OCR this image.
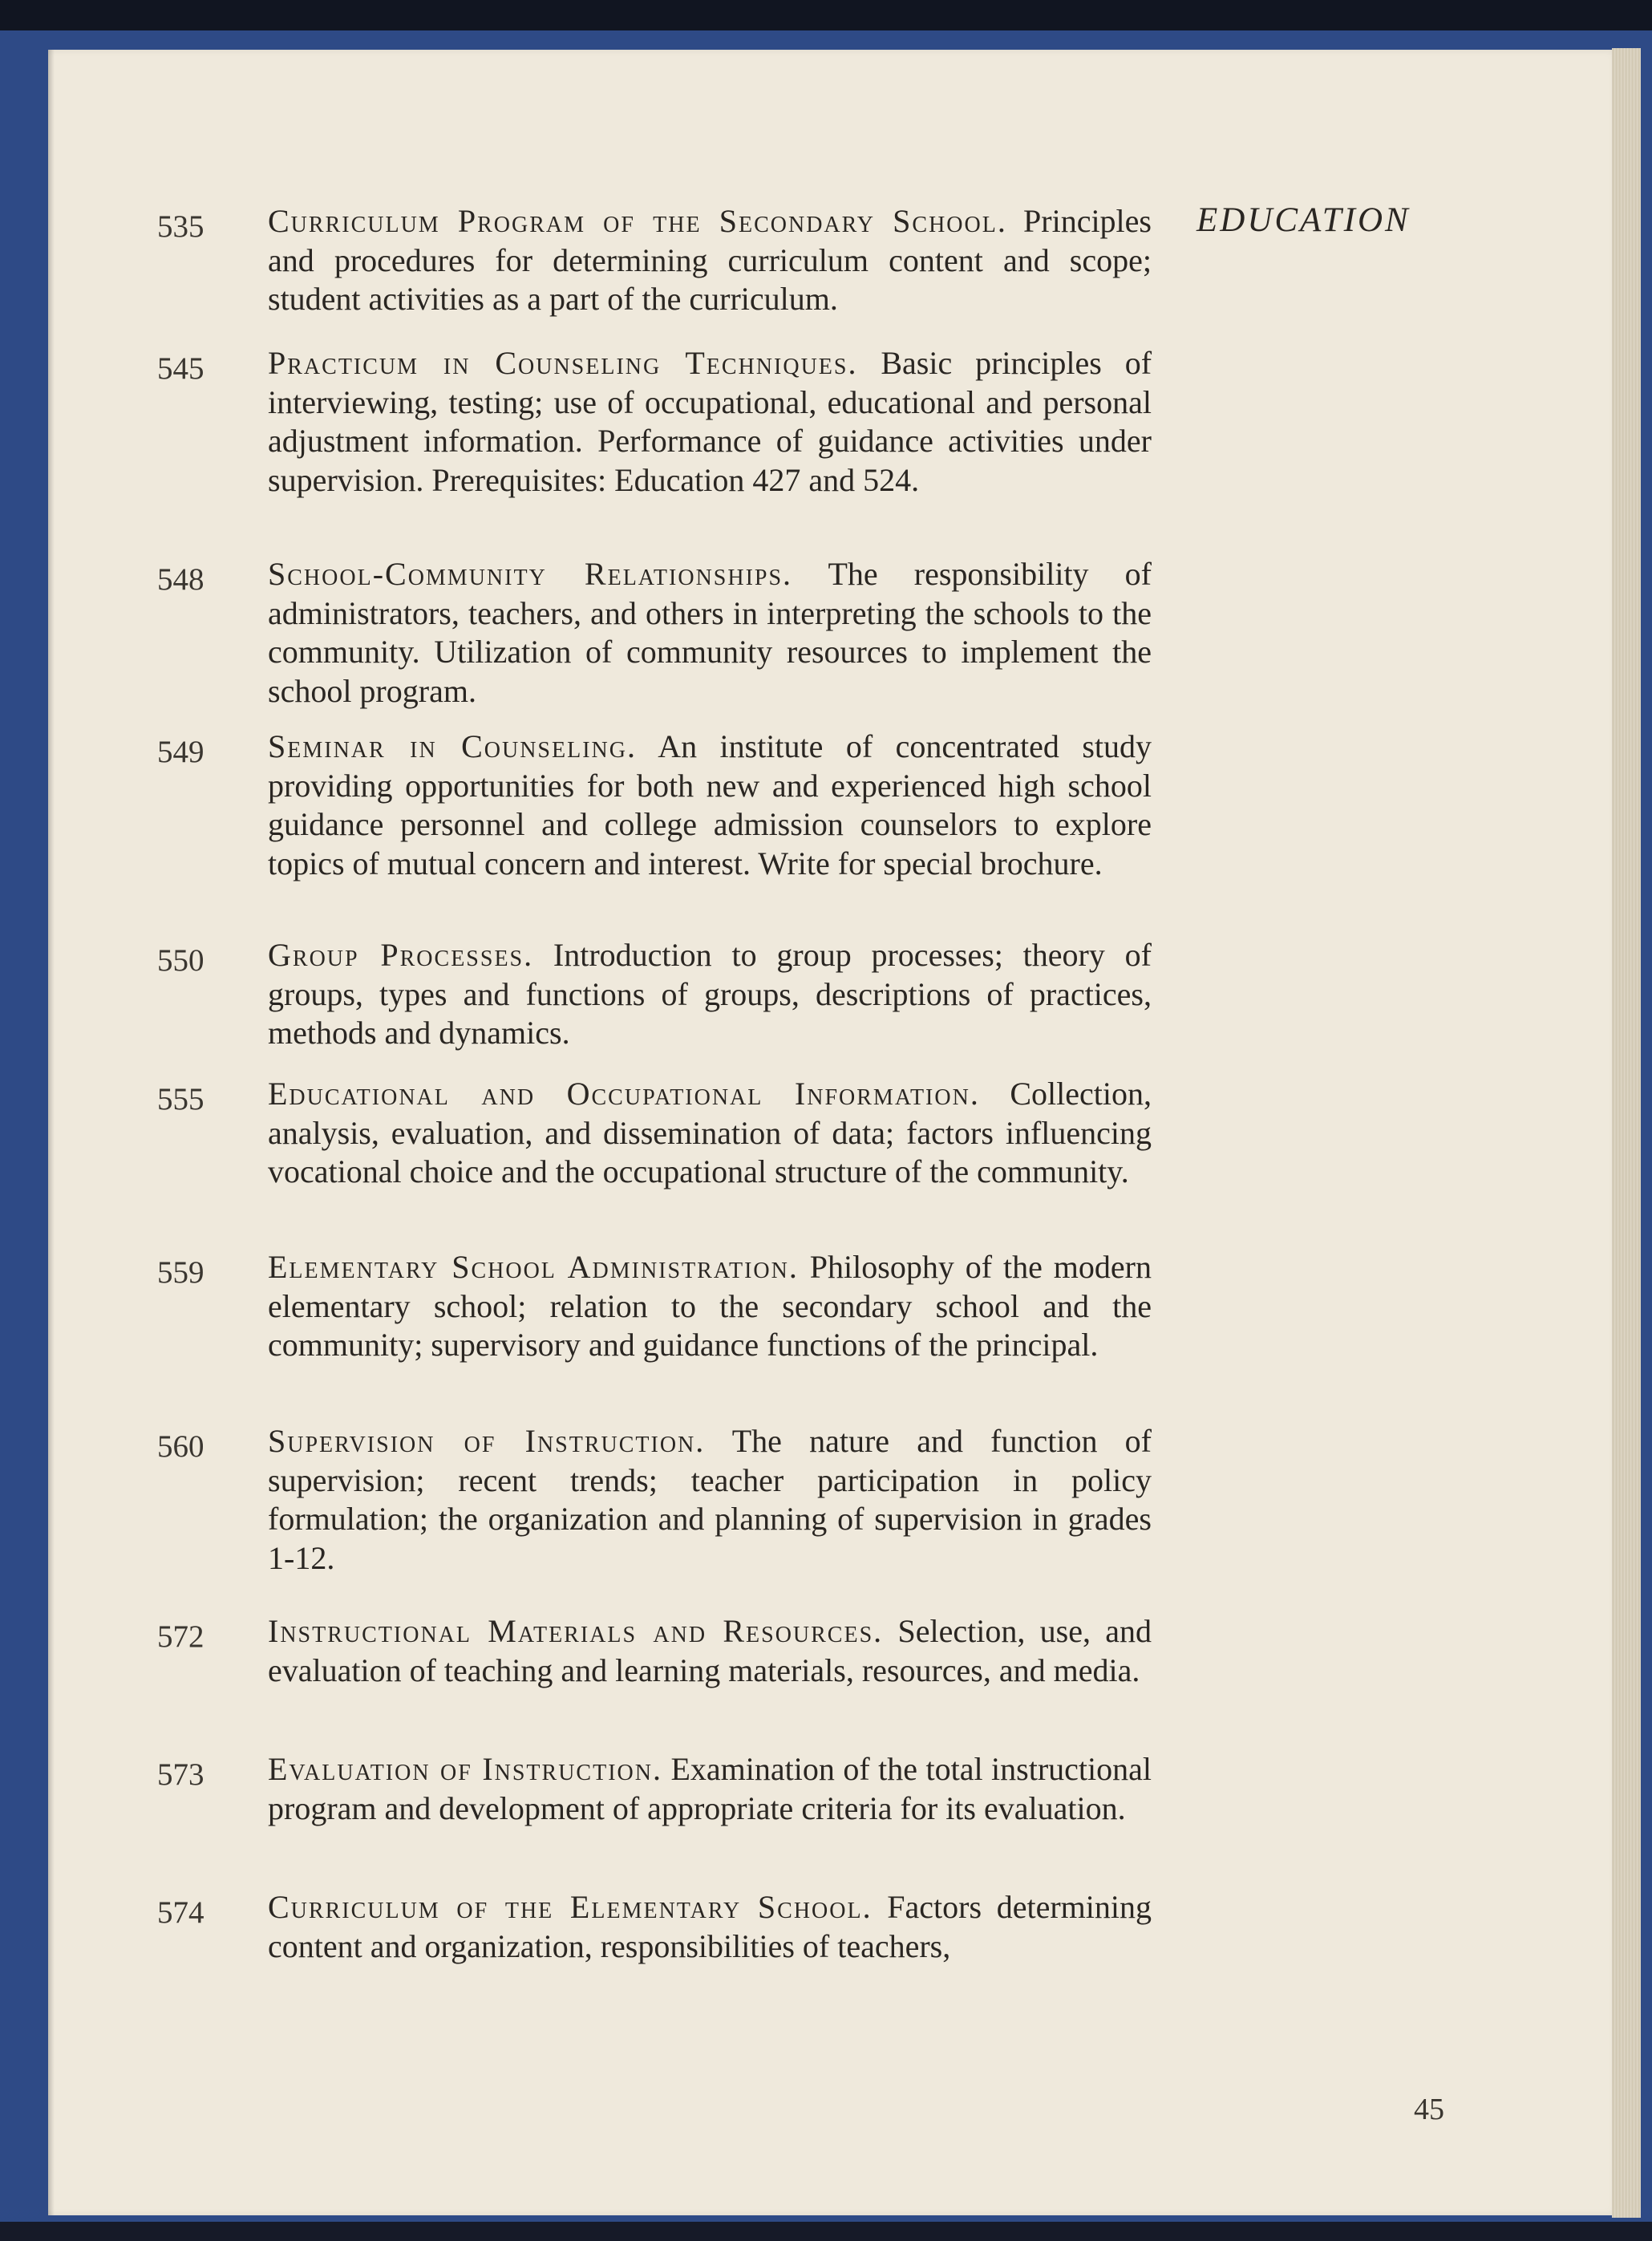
EDUCATION
535 Curriculum Program of the Secondary School. Principles and procedures for determining curriculum content and scope; student activities as a part of the curriculum.
545 Practicum in Counseling Techniques. Basic principles of interviewing, testing; use of occupational, educational and personal adjustment information. Performance of guidance activities under supervision. Prerequisites: Education 427 and 524.
548 School-Community Relationships. The responsibility of administrators, teachers, and others in interpreting the schools to the community. Utilization of community resources to implement the school program.
549 Seminar in Counseling. An institute of concentrated study providing opportunities for both new and experienced high school guidance personnel and college admission counselors to explore topics of mutual concern and interest. Write for special brochure.
550 Group Processes. Introduction to group processes; theory of groups, types and functions of groups, descriptions of practices, methods and dynamics.
555 Educational and Occupational Information. Collection, analysis, evaluation, and dissemination of data; factors influencing vocational choice and the occupational structure of the community.
559 Elementary School Administration. Philosophy of the modern elementary school; relation to the secondary school and the community; supervisory and guidance functions of the principal.
560 Supervision of Instruction. The nature and function of supervision; recent trends; teacher participation in policy formulation; the organization and planning of supervision in grades 1-12.
572 Instructional Materials and Resources. Selection, use, and evaluation of teaching and learning materials, resources, and media.
573 Evaluation of Instruction. Examination of the total instructional program and development of appropriate criteria for its evaluation.
574 Curriculum of the Elementary School. Factors determining content and organization, responsibilities of teachers,
45
